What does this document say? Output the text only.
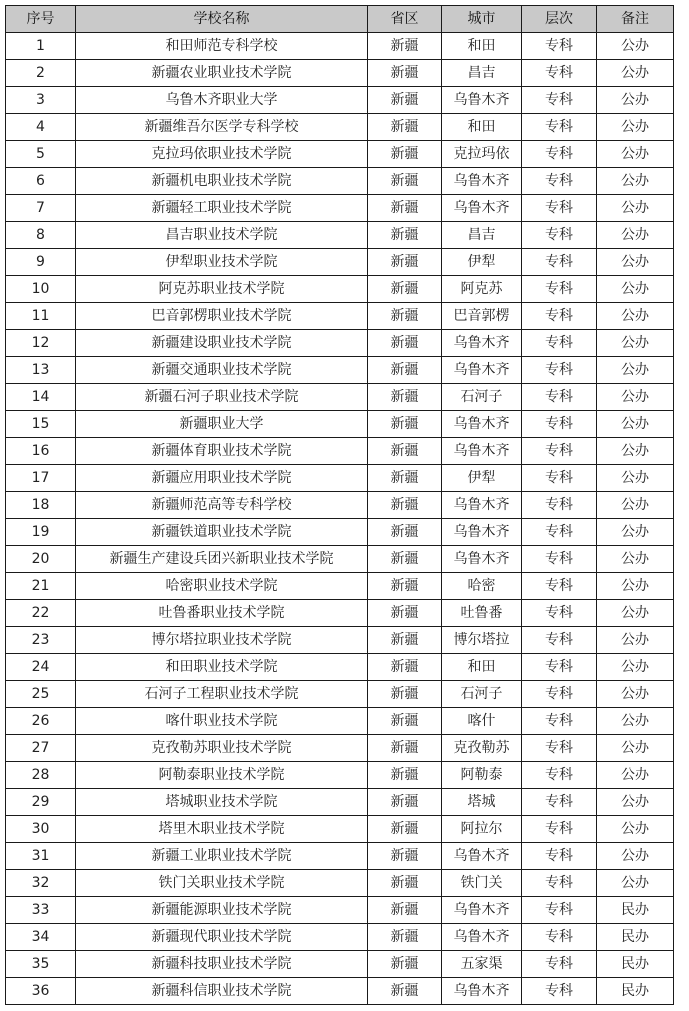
序号	学校名称	省区	城市	层次	备注
1	和田师范专科学校	新疆	和田	专科	公办
2	新疆农业职业技术学院	新疆	昌吉	专科	公办
3	乌鲁木齐职业大学	新疆	乌鲁木齐	专科	公办
4	新疆维吾尔医学专科学校	新疆	和田	专科	公办
5	克拉玛依职业技术学院	新疆	克拉玛依	专科	公办
6	新疆机电职业技术学院	新疆	乌鲁木齐	专科	公办
7	新疆轻工职业技术学院	新疆	乌鲁木齐	专科	公办
8	昌吉职业技术学院	新疆	昌吉	专科	公办
9	伊犁职业技术学院	新疆	伊犁	专科	公办
10	阿克苏职业技术学院	新疆	阿克苏	专科	公办
11	巴音郭楞职业技术学院	新疆	巴音郭楞	专科	公办
12	新疆建设职业技术学院	新疆	乌鲁木齐	专科	公办
13	新疆交通职业技术学院	新疆	乌鲁木齐	专科	公办
14	新疆石河子职业技术学院	新疆	石河子	专科	公办
15	新疆职业大学	新疆	乌鲁木齐	专科	公办
16	新疆体育职业技术学院	新疆	乌鲁木齐	专科	公办
17	新疆应用职业技术学院	新疆	伊犁	专科	公办
18	新疆师范高等专科学校	新疆	乌鲁木齐	专科	公办
19	新疆铁道职业技术学院	新疆	乌鲁木齐	专科	公办
20	新疆生产建设兵团兴新职业技术学院	新疆	乌鲁木齐	专科	公办
21	哈密职业技术学院	新疆	哈密	专科	公办
22	吐鲁番职业技术学院	新疆	吐鲁番	专科	公办
23	博尔塔拉职业技术学院	新疆	博尔塔拉	专科	公办
24	和田职业技术学院	新疆	和田	专科	公办
25	石河子工程职业技术学院	新疆	石河子	专科	公办
26	喀什职业技术学院	新疆	喀什	专科	公办
27	克孜勒苏职业技术学院	新疆	克孜勒苏	专科	公办
28	阿勒泰职业技术学院	新疆	阿勒泰	专科	公办
29	塔城职业技术学院	新疆	塔城	专科	公办
30	塔里木职业技术学院	新疆	阿拉尔	专科	公办
31	新疆工业职业技术学院	新疆	乌鲁木齐	专科	公办
32	铁门关职业技术学院	新疆	铁门关	专科	公办
33	新疆能源职业技术学院	新疆	乌鲁木齐	专科	民办
34	新疆现代职业技术学院	新疆	乌鲁木齐	专科	民办
35	新疆科技职业技术学院	新疆	五家渠	专科	民办
36	新疆科信职业技术学院	新疆	乌鲁木齐	专科	民办
